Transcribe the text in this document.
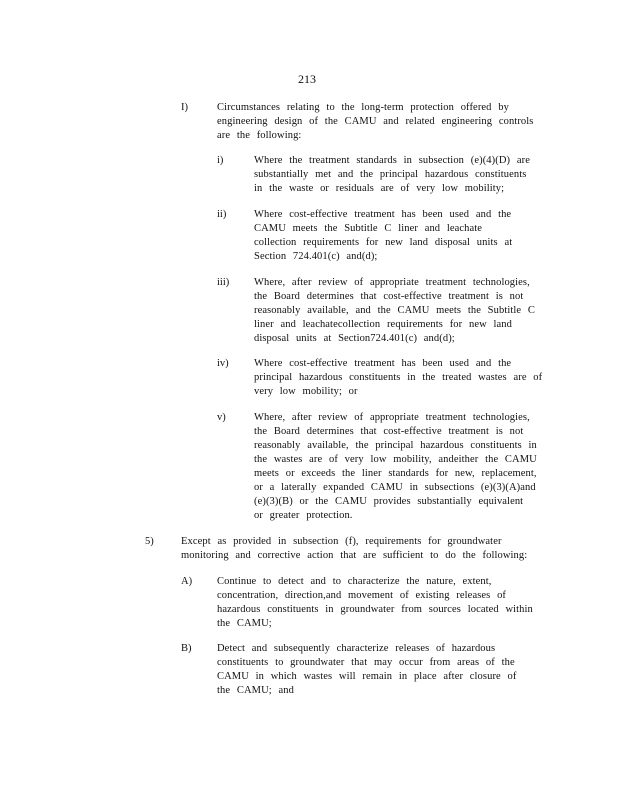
213
I)	Circumstances relating to the long-term protection offered by engineering design of the CAMU and related engineering controls are the following:
i)	Where the treatment standards in subsection (e)(4)(D) are substantially met and the principal hazardous constituents in the waste or residuals are of very low mobility;
ii)	Where cost-effective treatment has been used and the CAMU meets the Subtitle C liner and leachate collection requirements for new land disposal units at Section 724.401(c) and(d);
iii) Where, after review of appropriate treatment technologies, the Board determines that cost-effective treatment is not reasonably available, and the CAMU meets the Subtitle C liner and leachatecollection requirements for new land disposal units at Section724.401(c) and(d);
iv) Where cost-effective treatment has been used and the principal hazardous constituents in the treated wastes are of very low mobility; or
v)	Where, after review of appropriate treatment technologies, the Board determines that cost-effective treatment is not reasonably available, the principal hazardous constituents in the wastes are of very low mobility, andeither the CAMU meets or exceeds the liner standards for new, replacement, or a laterally expanded CAMU in subsections (e)(3)(A)and (e)(3)(B) or the CAMU provides substantially equivalent or greater protection.
5)	Except as provided in subsection (f), requirements for groundwater monitoring and corrective action that are sufficient to do the following:
A) Continue to detect and to characterize the nature, extent, concentration, direction,and movement of existing releases of hazardous constituents in groundwater from sources located within the CAMU;
B) Detect and subsequently characterize releases of hazardous constituents to groundwater that may occur from areas of the CAMU in which wastes will remain in place after closure of the CAMU; and
